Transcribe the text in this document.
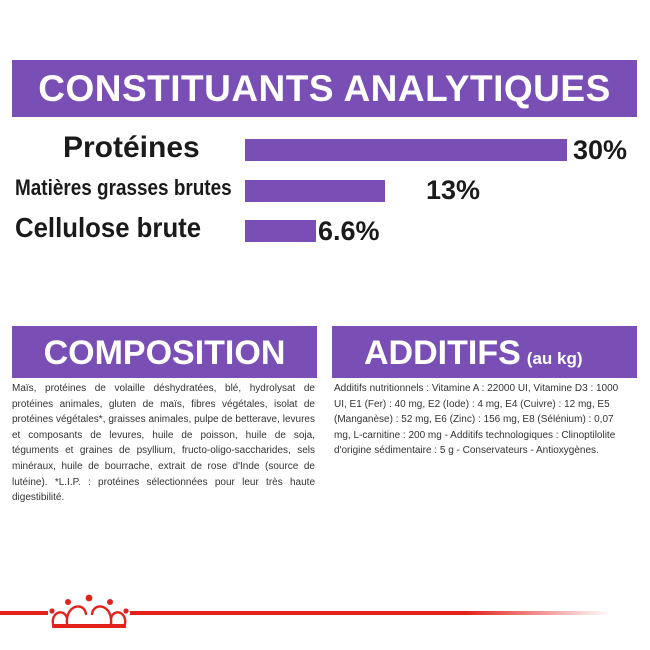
CONSTITUANTS ANALYTIQUES
Protéines	30%
Matières grasses brutes	13%
Cellulose brute	6.6%
COMPOSITION	ADDITIFS (au kg)

Maïs, protéines de volaille déshydratées, blé, hydrolysat de protéines animales, gluten de maïs, fibres végétales, isolat de protéines végétales*, graisses animales, pulpe de betterave, levures et composants de levures, huile de poisson, huile de soja, téguments et graines de psyllium, fructo-oligo-saccharides, sels minéraux, huile de bourrache, extrait de rose d'Inde (source de lutéine). *L.I.P. : protéines sélectionnées pour leur très haute digestibilité.

Additifs nutritionnels : Vitamine A : 22000 UI, Vitamine D3 : 1000 UI, E1 (Fer) : 40 mg, E2 (Iode) : 4 mg, E4 (Cuivre) : 12 mg, E5 (Manganèse) : 52 mg, E6 (Zinc) : 156 mg, E8 (Sélénium) : 0,07 mg, L-carnitine : 200 mg - Additifs technologiques : Clinoptilolite d'origine sédimentaire : 5 g - Conservateurs - Antioxygènes.
